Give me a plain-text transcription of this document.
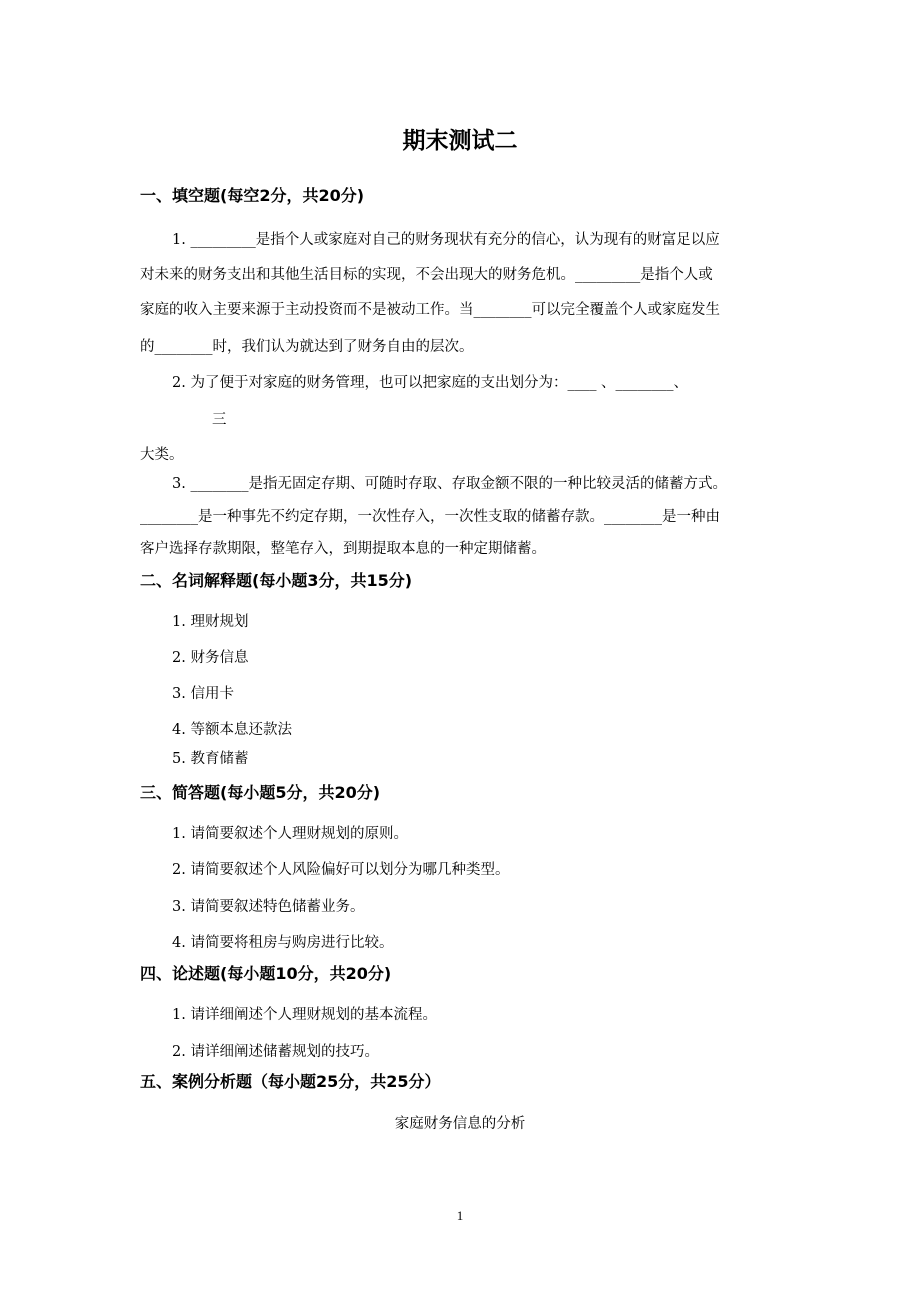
期末测试二
一、填空题(每空2分，共20分)
1. _________是指个人或家庭对自己的财务现状有充分的信心，认为现有的财富足以应
对未来的财务支出和其他生活目标的实现，不会出现大的财务危机。_________是指个人或
家庭的收入主要来源于主动投资而不是被动工作。当________可以完全覆盖个人或家庭发生
的________时，我们认为就达到了财务自由的层次。
2. 为了便于对家庭的财务管理，也可以把家庭的支出划分为：____ 、________、
三
大类。
3. ________是指无固定存期、可随时存取、存取金额不限的一种比较灵活的储蓄方式。
________是一种事先不约定存期，一次性存入，一次性支取的储蓄存款。________是一种由
客户选择存款期限，整笔存入，到期提取本息的一种定期储蓄。
二、名词解释题(每小题3分，共15分)
1. 理财规划
2. 财务信息
3. 信用卡
4. 等额本息还款法
5. 教育储蓄
三、简答题(每小题5分，共20分)
1. 请简要叙述个人理财规划的原则。
2. 请简要叙述个人风险偏好可以划分为哪几种类型。
3. 请简要叙述特色储蓄业务。
4. 请简要将租房与购房进行比较。
四、论述题(每小题10分，共20分)
1. 请详细阐述个人理财规划的基本流程。
2. 请详细阐述储蓄规划的技巧。
五、案例分析题（每小题25分，共25分）
家庭财务信息的分析
1
